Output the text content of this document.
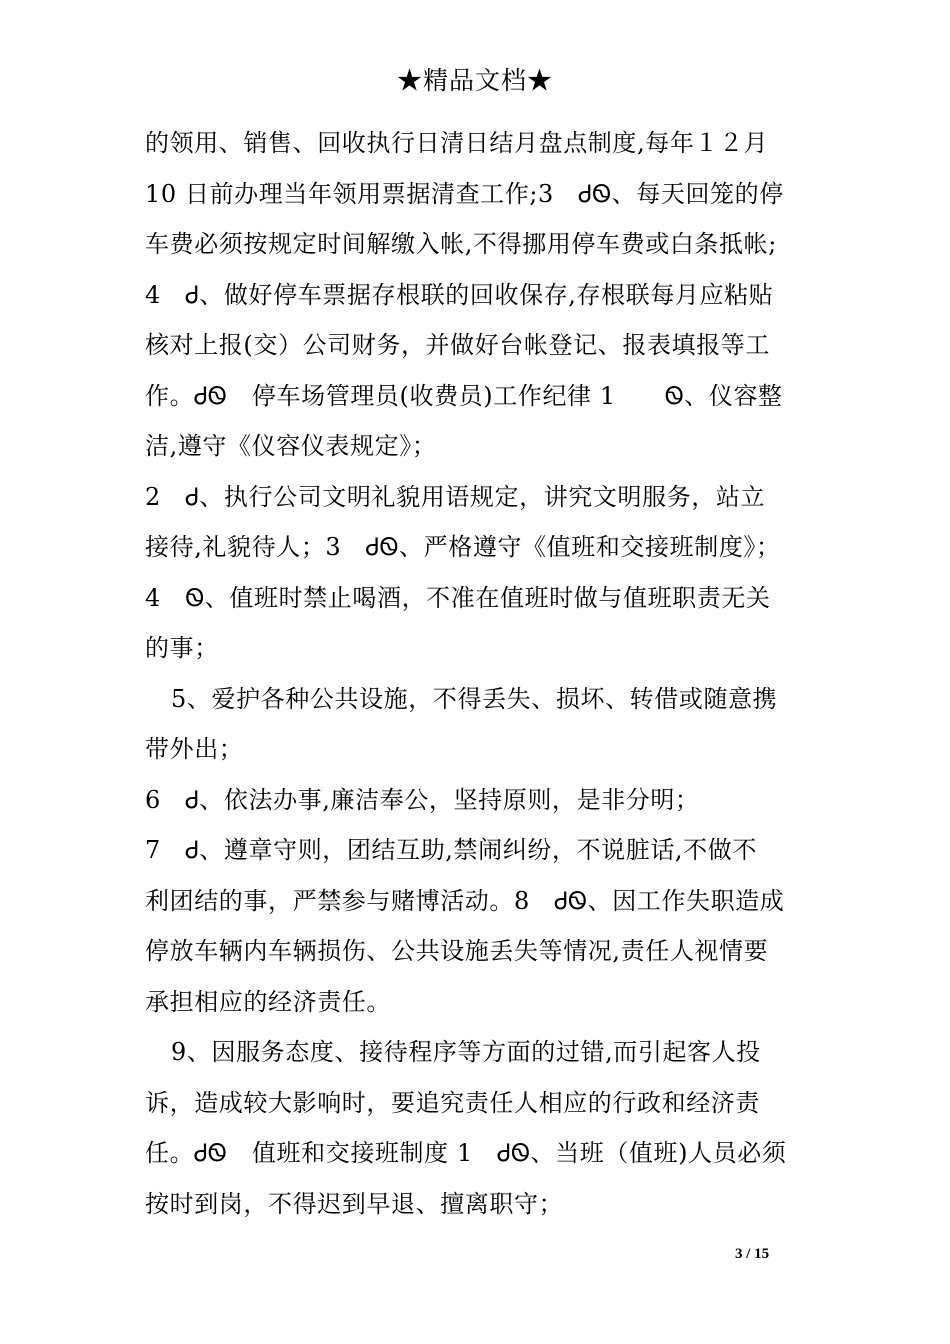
★精品文档★
的领用、销售、回收执行日清日结月盘点制度,每年１２月
10 日前办理当年领用票据清查工作;3　ᏧᏫ、每天回笼的停
车费必须按规定时间解缴入帐,不得挪用停车费或白条抵帐;
4　Ꮷ、做好停车票据存根联的回收保存,存根联每月应粘贴
核对上报(交）公司财务，并做好台帐登记、报表填报等工
作。ᏧᏫ　停车场管理员(收费员)工作纪律 1　　Ꮻ、仪容整
洁,遵守《仪容仪表规定》；
2　Ꮷ、执行公司文明礼貌用语规定，讲究文明服务，站立
接待,礼貌待人；3　ᏧᏫ、严格遵守《值班和交接班制度》；
4　Ꮻ、值班时禁止喝酒，不准在值班时做与值班职责无关
的事；
5、爱护各种公共设施，不得丢失、损坏、转借或随意携
带外出；
6　Ꮷ、依法办事,廉洁奉公，坚持原则，是非分明；
7　Ꮷ、遵章守则，团结互助,禁闹纠纷，不说脏话,不做不
利团结的事，严禁参与赌博活动。8　ᏧᏫ、因工作失职造成
停放车辆内车辆损伤、公共设施丢失等情况,责任人视情要
承担相应的经济责任。
9、因服务态度、接待程序等方面的过错,而引起客人投
诉，造成较大影响时，要追究责任人相应的行政和经济责
任。ᏧᏫ　值班和交接班制度 1　ᏧᏫ、当班（值班)人员必须
按时到岗，不得迟到早退、擅离职守；
3 / 15
